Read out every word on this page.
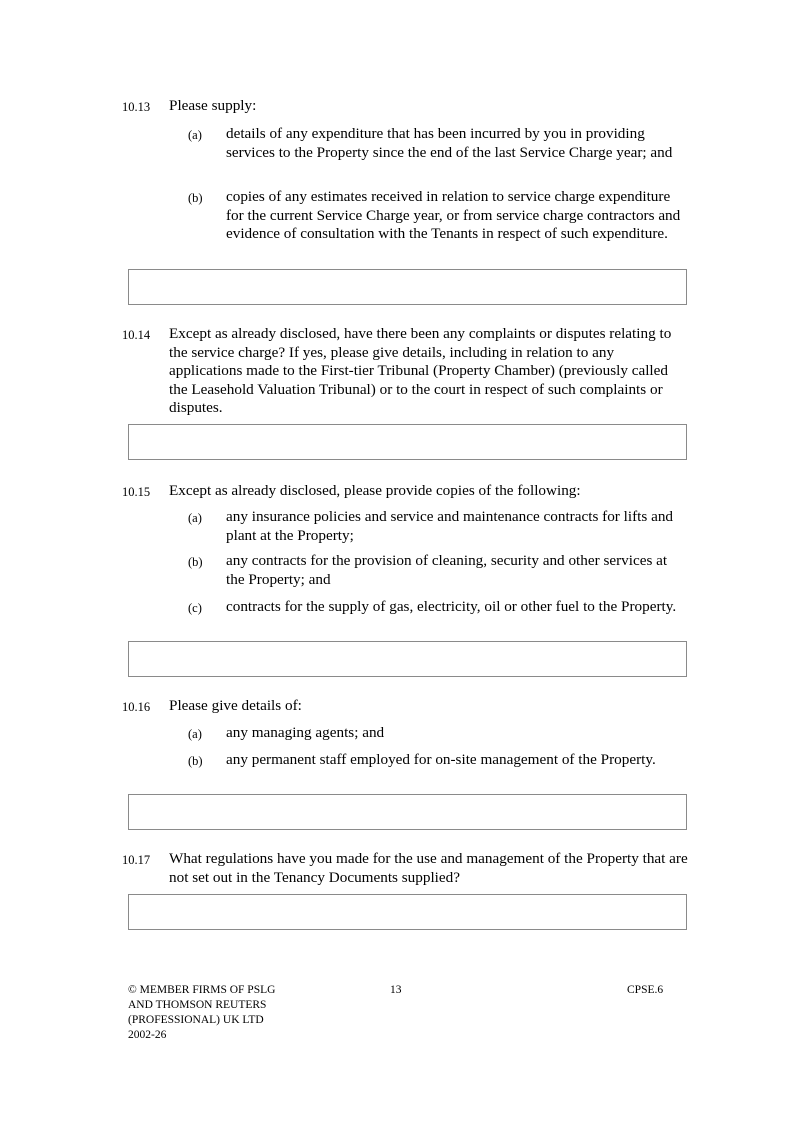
10.13 Please supply:
(a) details of any expenditure that has been incurred by you in providing services to the Property since the end of the last Service Charge year; and
(b) copies of any estimates received in relation to service charge expenditure for the current Service Charge year, or from service charge contractors and evidence of consultation with the Tenants in respect of such expenditure.
10.14 Except as already disclosed, have there been any complaints or disputes relating to the service charge? If yes, please give details, including in relation to any applications made to the First-tier Tribunal (Property Chamber) (previously called the Leasehold Valuation Tribunal) or to the court in respect of such complaints or disputes.
10.15 Except as already disclosed, please provide copies of the following:
(a) any insurance policies and service and maintenance contracts for lifts and plant at the Property;
(b) any contracts for the provision of cleaning, security and other services at the Property; and
(c) contracts for the supply of gas, electricity, oil or other fuel to the Property.
10.16 Please give details of:
(a) any managing agents; and
(b) any permanent staff employed for on-site management of the Property.
10.17 What regulations have you made for the use and management of the Property that are not set out in the Tenancy Documents supplied?
© MEMBER FIRMS OF PSLG
AND THOMSON REUTERS
(PROFESSIONAL) UK LTD
2002-26
13	CPSE.6
